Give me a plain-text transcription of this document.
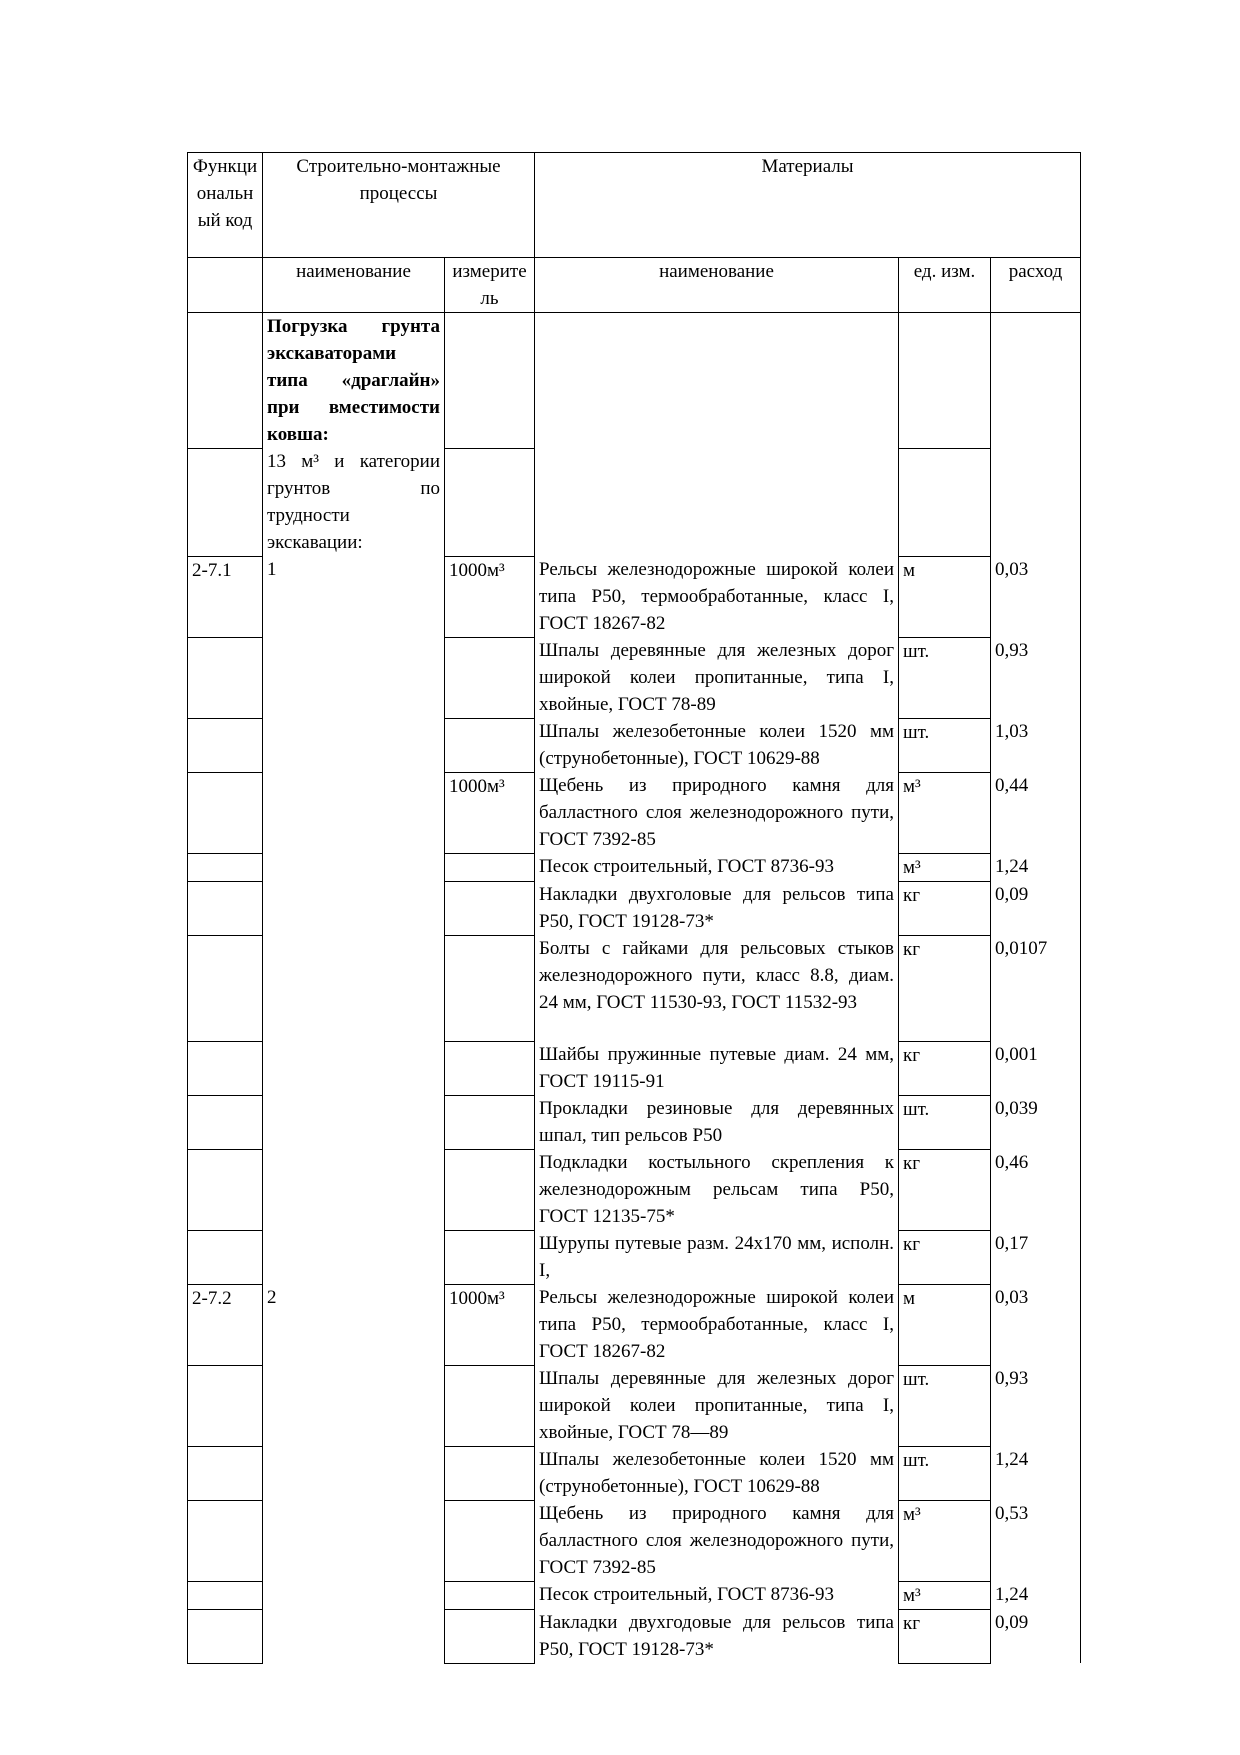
Функциональный код	Строительно-монтажные процессы		Материалы		
	наименование	измеритель	наименование	ед. изм.	расход
	Погрузка грунта экскаваторами типа «драглайн» при вместимости ковша:				
	13 м³ и категории грунтов по трудности экскавации:				
2-7.1	1	1000м³	Рельсы железнодорожные широкой колеи типа Р50, термообработанные, класс I, ГОСТ 18267-82	м	0,03
			Шпалы деревянные для железных дорог широкой колеи пропитанные, типа I, хвойные, ГОСТ 78-89	шт.	0,93
			Шпалы железобетонные колеи 1520 мм (струнобетонные), ГОСТ 10629-88	шт.	1,03
		1000м³	Щебень из природного камня для балластного слоя железнодорожного пути, ГОСТ 7392-85	м³	0,44
			Песок строительный, ГОСТ 8736-93	м³	1,24
			Накладки двухголовые для рельсов типа Р50, ГОСТ 19128-73*	кг	0,09
			Болты с гайками для рельсовых стыков железнодорожного пути, класс 8.8, диам. 24 мм, ГОСТ 11530-93, ГОСТ 11532-93	кг	0,0107
			Шайбы пружинные путевые диам. 24 мм, ГОСТ 19115-91	кг	0,001
			Прокладки резиновые для деревянных шпал, тип рельсов Р50	шт.	0,039
			Подкладки костыльного скрепления к железнодорожным рельсам типа Р50, ГОСТ 12135-75*	кг	0,46
			Шурупы путевые разм. 24х170 мм, исполн. I,	кг	0,17
2-7.2	2	1000м³	Рельсы железнодорожные широкой колеи типа Р50, термообработанные, класс I, ГОСТ 18267-82	м	0,03
			Шпалы деревянные для железных дорог широкой колеи пропитанные, типа I, хвойные, ГОСТ 78—89	шт.	0,93
			Шпалы железобетонные колеи 1520 мм (струнобетонные), ГОСТ 10629-88	шт.	1,24
			Щебень из природного камня для балластного слоя железнодорожного пути, ГОСТ 7392-85	м³	0,53
			Песок строительный, ГОСТ 8736-93	м³	1,24
			Накладки двухгодовые для рельсов типа Р50, ГОСТ 19128-73*	кг	0,09
